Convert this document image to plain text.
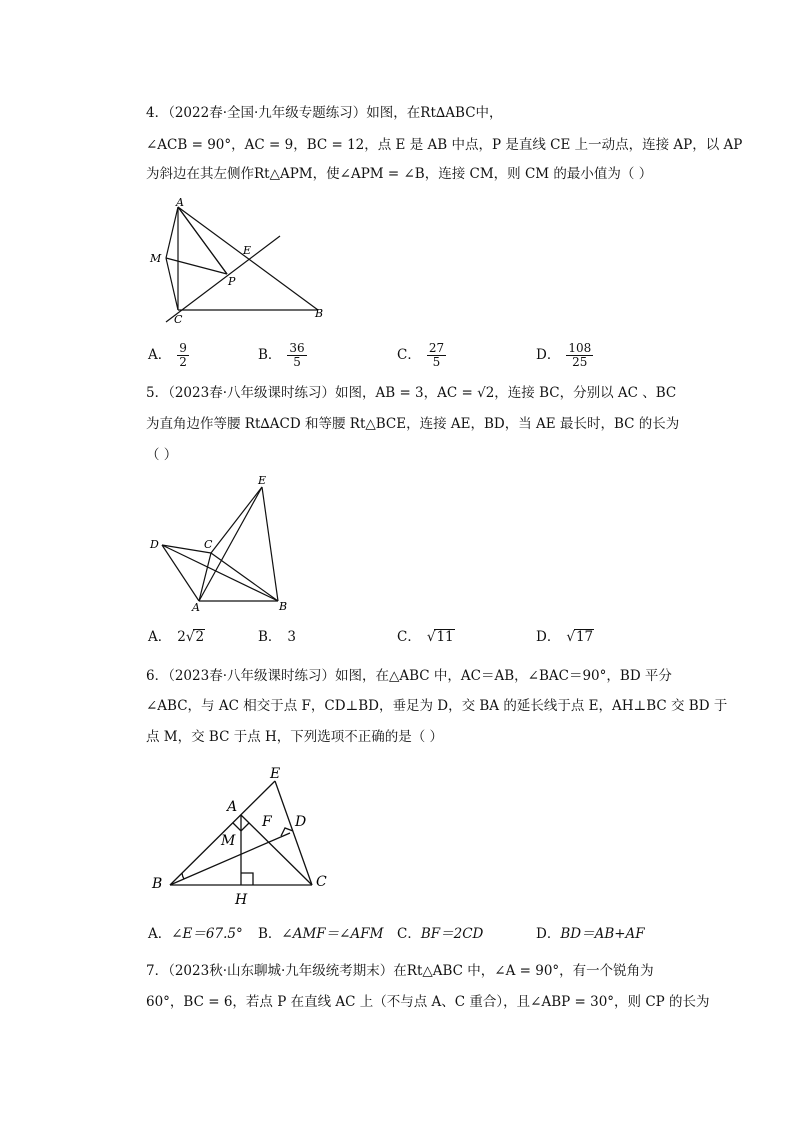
4．（2022春·全国·九年级专题练习）如图，在Rt∆ABC中，
∠ACB = 90°，AC = 9，BC = 12，点 E 是 AB 中点，P 是直线 CE 上一动点，连接 AP，以 AP
为斜边在其左侧作Rt△APM，使∠APM = ∠B，连接 CM，则 CM 的最小值为（ ）
A
M
E
P
C	B
A． $\frac{9}{2}$	B． $\frac{36}{5}$	C． $\frac{27}{5}$	D． $\frac{108}{25}$
5．（2023春·八年级课时练习）如图，AB = 3，AC = √2，连接 BC，分别以 AC 、BC
为直角边作等腰 Rt∆ACD 和等腰 Rt△BCE，连接 AE，BD，当 AE 最长时，BC 的长为
（ ）
E
D	C
A	B
A． 2√2	B． 3	C． √11	D． √17
6．（2023春·八年级课时练习）如图，在△ABC 中，AC＝AB，∠BAC＝90°，BD 平分
∠ABC，与 AC 相交于点 F，CD⊥BD，垂足为 D，交 BA 的延长线于点 E，AH⊥BC 交 BD 于
点 M，交 BC 于点 H，下列选项不正确的是（ ）
E
A
F D
M
B
H
C
A．∠E＝67.5° B．∠AMF＝∠AFM C．BF＝2CD	D．BD＝AB+AF
7．（2023秋·山东聊城·九年级统考期末）在Rt△ABC 中，∠A = 90°，有一个锐角为
60°，BC = 6，若点 P 在直线 AC 上（不与点 A、C 重合），且∠ABP = 30°，则 CP 的长为
